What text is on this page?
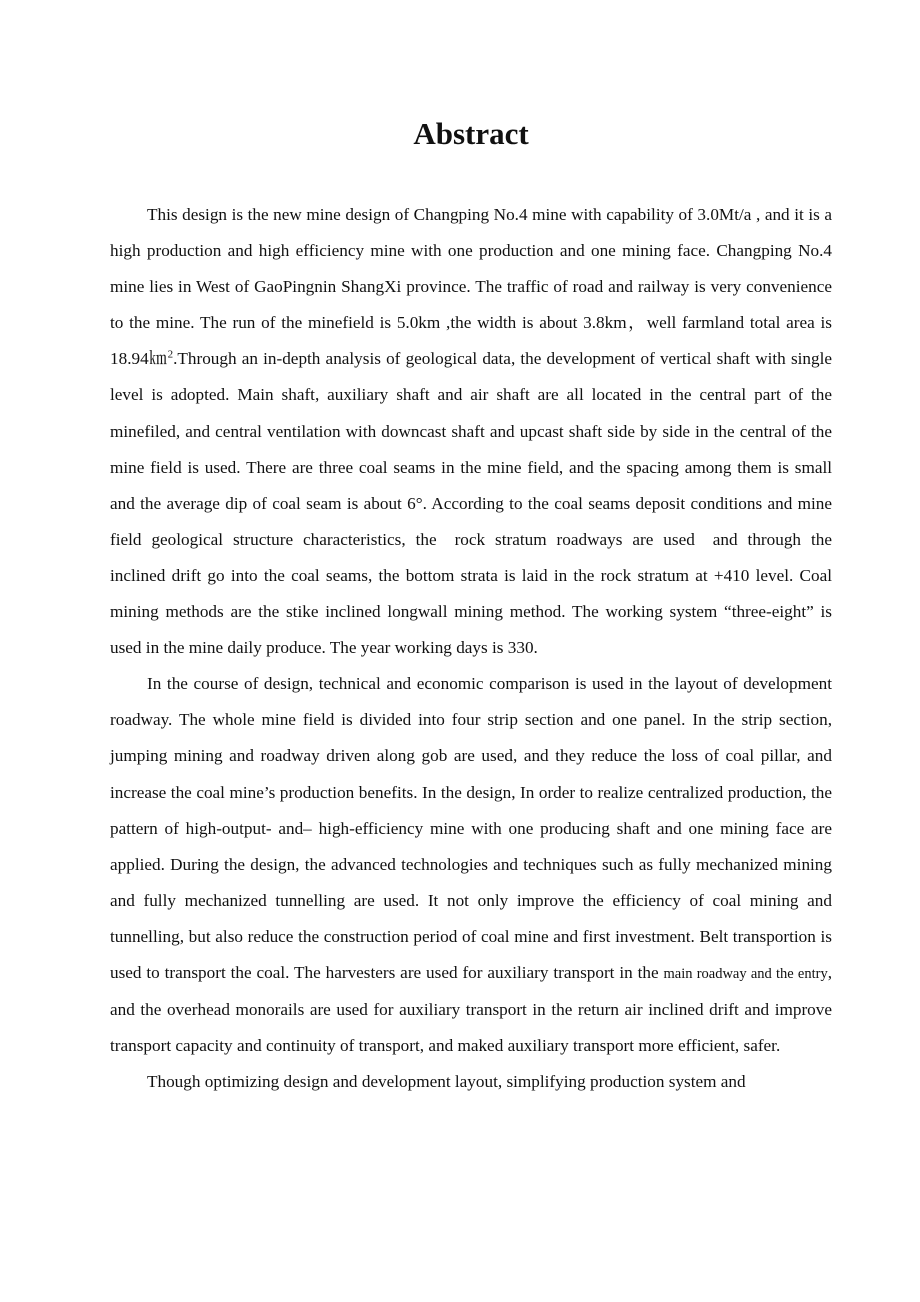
Abstract

This design is the new mine design of Changping No.4 mine with capability of 3.0Mt/a , and it is a high production and high efficiency mine with one production and one mining face. Changping No.4 mine lies in West of GaoPingnin ShangXi province. The traffic of road and railway is very convenience to the mine. The run of the minefield is 5.0km ,the width is about 3.8km，well farmland total area is 18.94㎞$^2$.Through an in-depth analysis of geological data, the development of vertical shaft with single level is adopted. Main shaft, auxiliary shaft and air shaft are all located in the central part of the minefiled, and central ventilation with downcast shaft and upcast shaft side by side in the central of the mine field is used. There are three coal seams in the mine field, and the spacing among them is small and the average dip of coal seam is about 6°. According to the coal seams deposit conditions and mine field geological structure characteristics, the rock stratum roadways are used and through the inclined drift go into the coal seams, the bottom strata is laid in the rock stratum at +410 level. Coal mining methods are the stike inclined longwall mining method. The working system “three-eight” is used in the mine daily produce. The year working days is 330.

In the course of design, technical and economic comparison is used in the layout of development roadway. The whole mine field is divided into four strip section and one panel. In the strip section, jumping mining and roadway driven along gob are used, and they reduce the loss of coal pillar, and increase the coal mine’s production benefits. In the design, In order to realize centralized production, the pattern of high-output- and– high-efficiency mine with one producing shaft and one mining face are applied. During the design, the advanced technologies and techniques such as fully mechanized mining and fully mechanized tunnelling are used. It not only improve the efficiency of coal mining and tunnelling, but also reduce the construction period of coal mine and first investment. Belt transportion is used to transport the coal. The harvesters are used for auxiliary transport in the main roadway and the entry, and the overhead monorails are used for auxiliary transport in the return air inclined drift and improve transport capacity and continuity of transport, and maked auxiliary transport more efficient, safer.

Though optimizing design and development layout, simplifying production system and
